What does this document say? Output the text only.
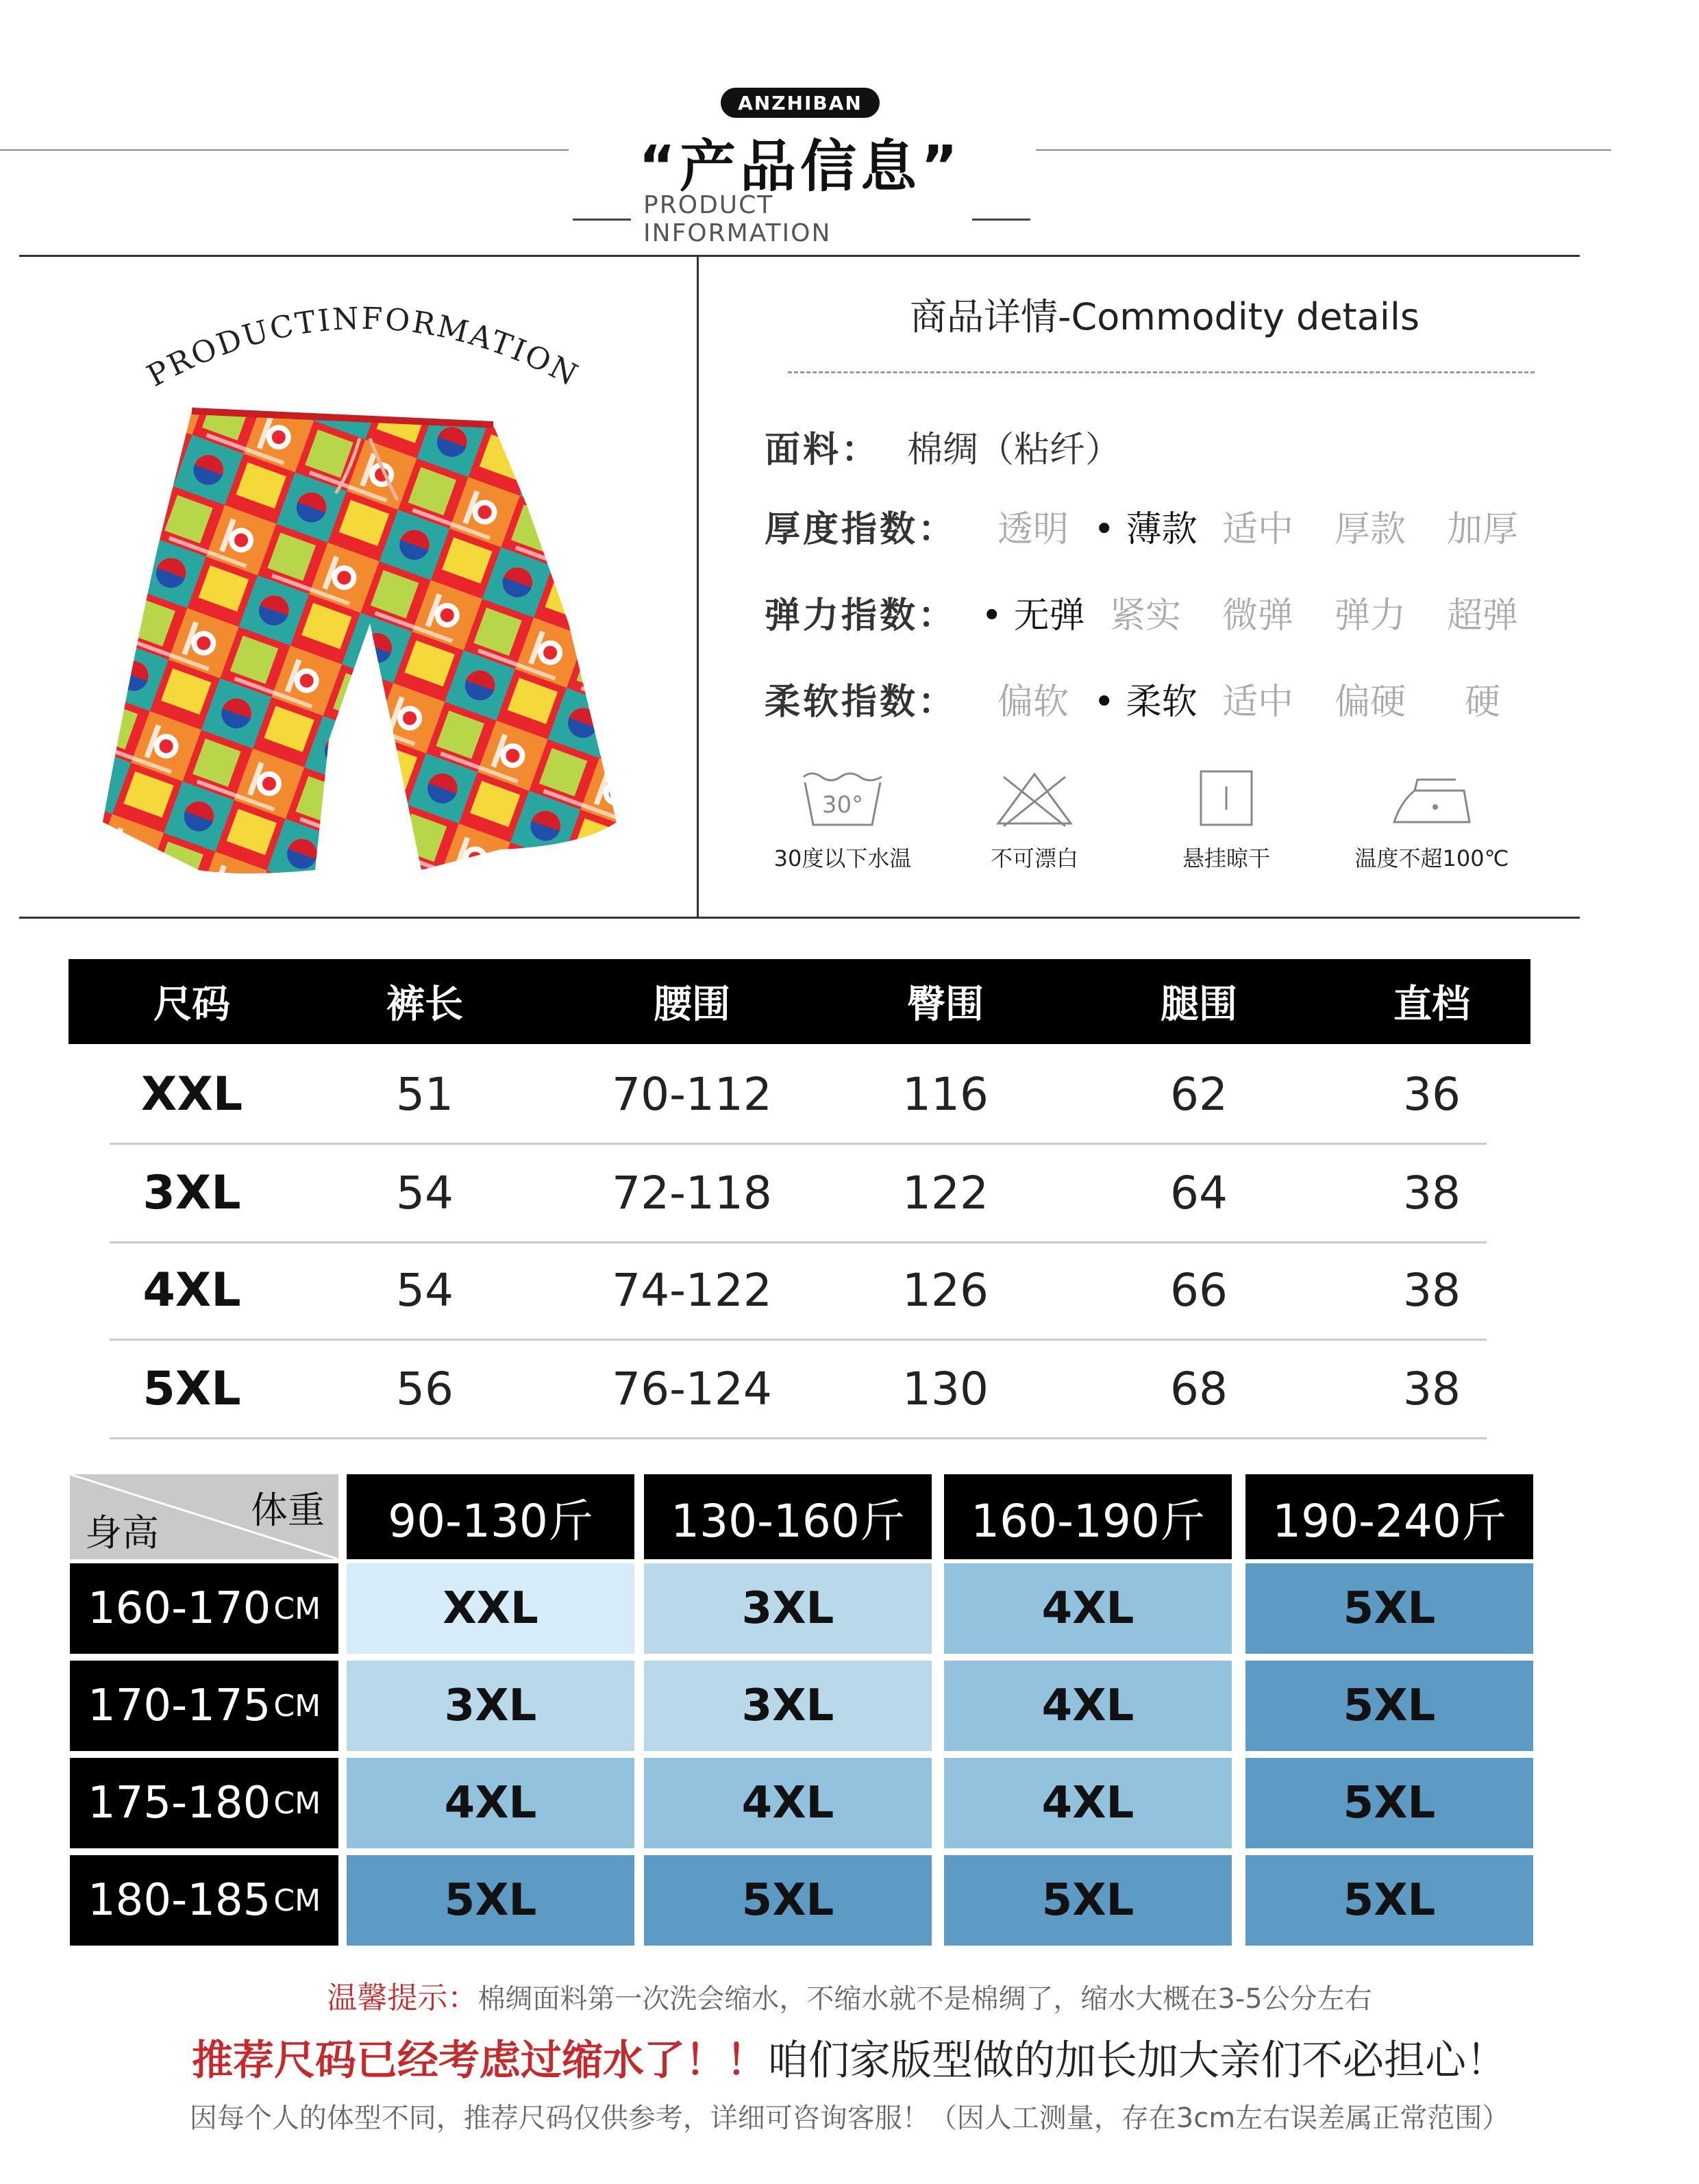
ANZHIBAN
“产品信息”
PRODUCT INFORMATION
PRODUCTINFORMATION
商品详情-Commodity details
面料： 棉绸（粘纤）
厚度指数：	透明 • 薄款 适中 厚款 加厚
弹力指数：	• 无弹 紧实 微弹 弹力 超弹
柔软指数：	偏软 • 柔软 适中 偏硬 硬
30°
30度以下水温	不可漂白	悬挂晾干	温度不超100℃
尺码	裤长	腰围	臀围	腿围	直档
XXL	51	70-112	116	62	36
3XL	54	72-118	122	64	38
4XL	54	74-122	126	66	38
5XL	56	76-124	130	68	38
体重
身高	90-130斤	130-160斤	160-190斤	190-240斤
160-170 CM	XXL	3XL	4XL	5XL
170-175 CM	3XL	3XL	4XL	5XL
175-180 CM	4XL	4XL	4XL	5XL
180-185 CM	5XL	5XL	5XL	5XL
温馨提示：棉绸面料第一次洗会缩水，不缩水就不是棉绸了，缩水大概在3-5公分左右
推荐尺码已经考虑过缩水了！！咱们家版型做的加长加大亲们不必担心！
因每个人的体型不同，推荐尺码仅供参考，详细可咨询客服！（因人工测量，存在3cm左右误差属正常范围）
